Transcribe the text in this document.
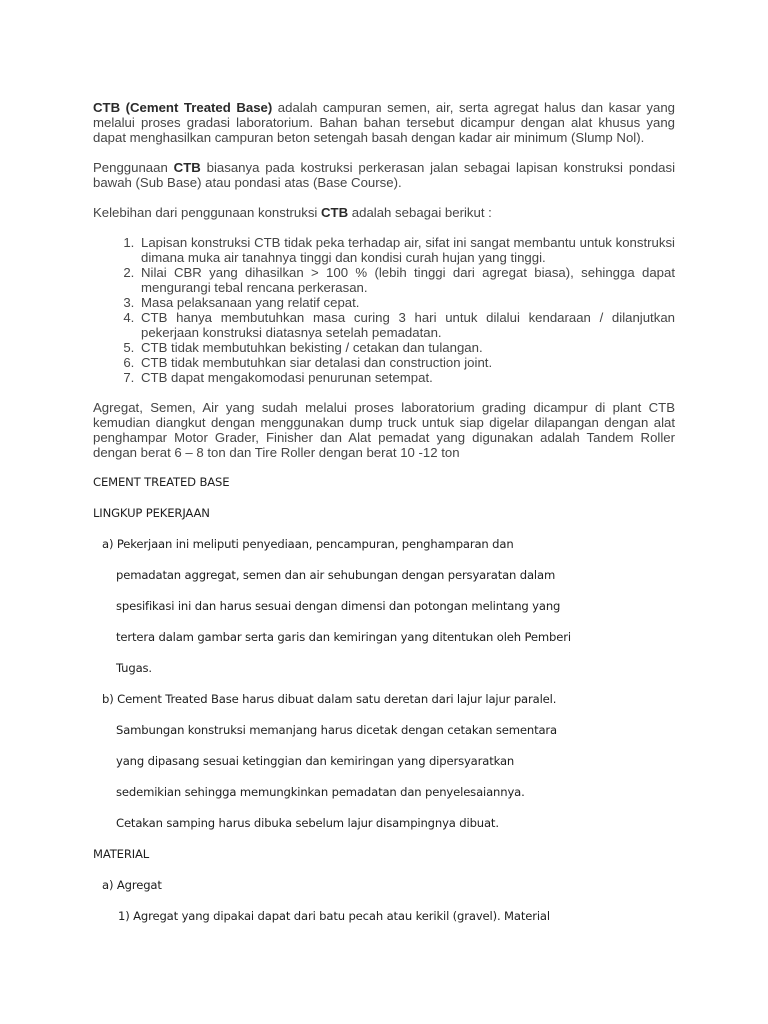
CTB (Cement Treated Base) adalah campuran semen, air, serta agregat halus dan kasar yang melalui proses gradasi laboratorium. Bahan bahan tersebut dicampur dengan alat khusus yang dapat menghasilkan campuran beton setengah basah dengan kadar air minimum (Slump Nol).

Penggunaan CTB biasanya pada kostruksi perkerasan jalan sebagai lapisan konstruksi pondasi bawah (Sub Base) atau pondasi atas (Base Course).

Kelebihan dari penggunaan konstruksi CTB adalah sebagai berikut :

1. Lapisan konstruksi CTB tidak peka terhadap air, sifat ini sangat membantu untuk konstruksi dimana muka air tanahnya tinggi dan kondisi curah hujan yang tinggi.
2. Nilai CBR yang dihasilkan > 100 % (lebih tinggi dari agregat biasa), sehingga dapat mengurangi tebal rencana perkerasan.
3. Masa pelaksanaan yang relatif cepat.
4. CTB hanya membutuhkan masa curing 3 hari untuk dilalui kendaraan / dilanjutkan pekerjaan konstruksi diatasnya setelah pemadatan.
5. CTB tidak membutuhkan bekisting / cetakan dan tulangan.
6. CTB tidak membutuhkan siar detalasi dan construction joint.
7. CTB dapat mengakomodasi penurunan setempat.

Agregat, Semen, Air yang sudah melalui proses laboratorium grading dicampur di plant CTB kemudian diangkut dengan menggunakan dump truck untuk siap digelar dilapangan dengan alat penghampar Motor Grader, Finisher dan Alat pemadat yang digunakan adalah Tandem Roller dengan berat 6 – 8 ton dan Tire Roller dengan berat 10 -12 ton

CEMENT TREATED BASE
LINGKUP PEKERJAAN
a) Pekerjaan ini meliputi penyediaan, pencampuran, penghamparan dan
pemadatan aggregat, semen dan air sehubungan dengan persyaratan dalam
spesifikasi ini dan harus sesuai dengan dimensi dan potongan melintang yang
tertera dalam gambar serta garis dan kemiringan yang ditentukan oleh Pemberi
Tugas.
b) Cement Treated Base harus dibuat dalam satu deretan dari lajur lajur paralel.
Sambungan konstruksi memanjang harus dicetak dengan cetakan sementara
yang dipasang sesuai ketinggian dan kemiringan yang dipersyaratkan
sedemikian sehingga memungkinkan pemadatan dan penyelesaiannya.
Cetakan samping harus dibuka sebelum lajur disampingnya dibuat.
MATERIAL
a) Agregat
1) Agregat yang dipakai dapat dari batu pecah atau kerikil (gravel). Material
